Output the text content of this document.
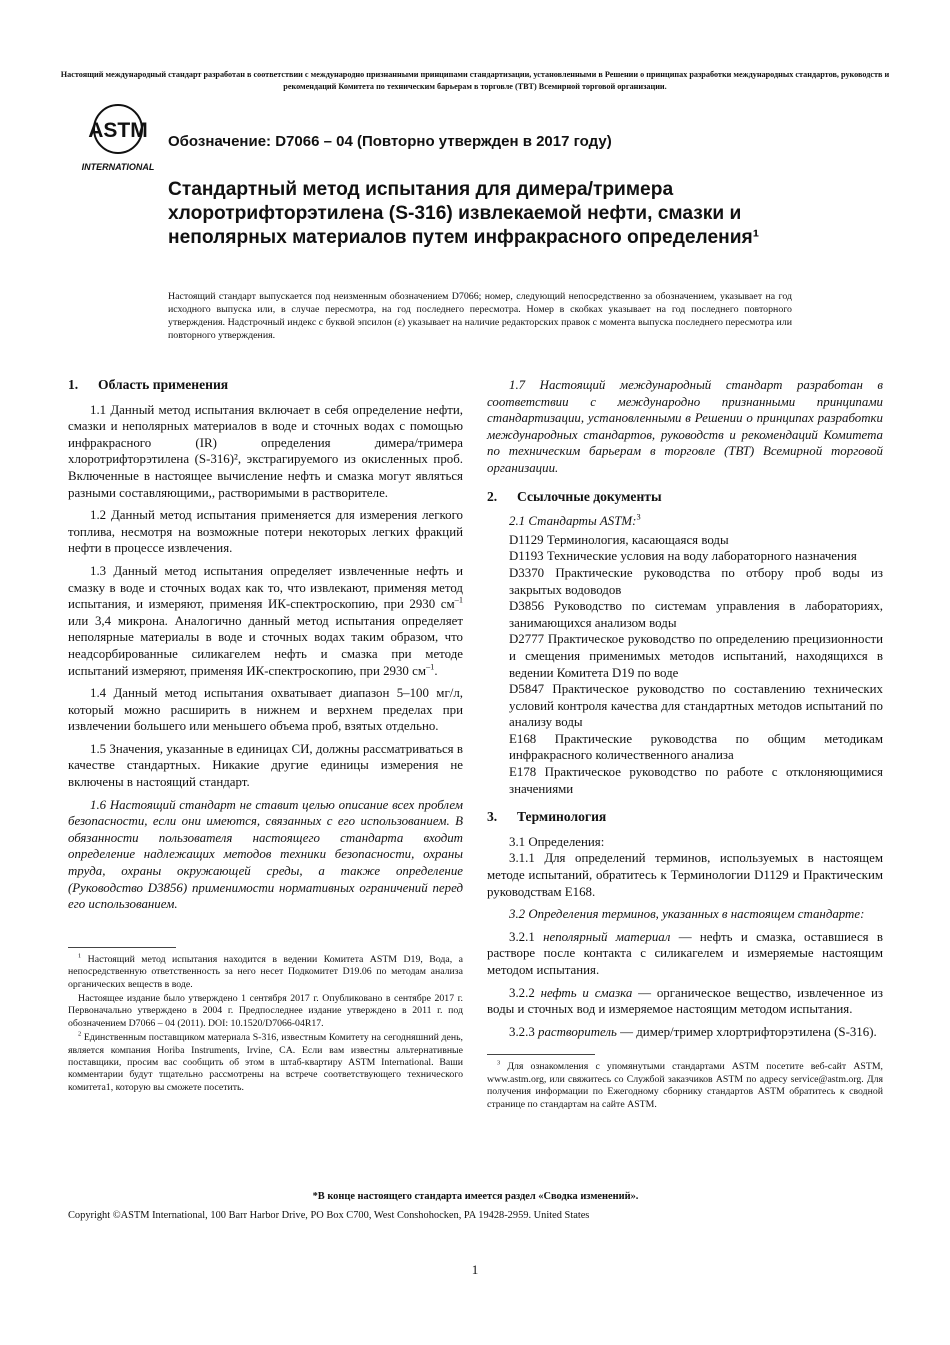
Настоящий международный стандарт разработан в соответствии с международно признанными принципами стандартизации, установленными в Решении о принципах разработки международных стандартов, руководств и рекомендаций Комитета по техническим барьерам в торговле (ТВТ) Всемирной торговой организации.
ASTM
INTERNATIONAL
Обозначение: D7066 – 04 (Повторно утвержден в 2017 году)
Стандартный метод испытания для димера/тримера хлоротрифторэтилена (S-316) извлекаемой нефти, смазки и неполярных материалов путем инфракрасного определения¹
Настоящий стандарт выпускается под неизменным обозначением D7066; номер, следующий непосредственно за обозначением, указывает на год исходного выпуска или, в случае пересмотра, на год последнего пересмотра. Номер в скобках указывает на год последнего повторного утверждения. Надстрочный индекс с буквой эпсилон (ε) указывает на наличие редакторских правок с момента выпуска последнего пересмотра или повторного утверждения.
1. Область применения

1.1 Данный метод испытания включает в себя определение нефти, смазки и неполярных материалов в воде и сточных водах с помощью инфракрасного (IR) определения димера/тримера хлоротрифторэтилена (S-316)², экстрагируемого из окисленных проб. Включенные в настоящее вычисление нефть и смазка могут являться разными составляющими,, растворимыми в растворителе.

1.2 Данный метод испытания применяется для измерения легкого топлива, несмотря на возможные потери некоторых легких фракций нефти в процессе извлечения.

1.3 Данный метод испытания определяет извлеченные нефть и смазку в воде и сточных водах как то, что извлекают, применяя метод испытания, и измеряют, применяя ИК-спектроскопию, при 2930 $см^{-1}$ или 3,4 микрона. Аналогично данный метод испытания определяет неполярные материалы в воде и сточных водах таким образом, что неадсорбированные силикагелем нефть и смазка при методе испытаний измеряют, применяя ИК-спектроскопию, при 2930 $см^{-1}$.

1.4 Данный метод испытания охватывает диапазон 5–100 мг/л, который можно расширить в нижнем и верхнем пределах при извлечении большего или меньшего объема проб, взятых отдельно.

1.5 Значения, указанные в единицах СИ, должны рассматриваться в качестве стандартных. Никакие другие единицы измерения не включены в настоящий стандарт.

1.6 Настоящий стандарт не ставит целью описание всех проблем безопасности, если они имеются, связанных с его использованием. В обязанности пользователя настоящего стандарта входит определение надлежащих методов техники безопасности, охраны труда, охраны окружающей среды, а также определение (Руководство D3856) применимости нормативных ограничений перед его использованием.

$^1$ Настоящий метод испытания находится в ведении Комитета ASTM D19, Вода, а непосредственную ответственность за него несет Подкомитет D19.06 по методам анализа органических веществ в воде.

Настоящее издание было утверждено 1 сентября 2017 г. Опубликовано в сентябре 2017 г. Первоначально утверждено в 2004 г. Предпоследнее издание утверждено в 2011 г. под обозначением D7066 – 04 (2011). DOI: 10.1520/D7066-04R17.

$^2$ Единственным поставщиком материала S-316, известным Комитету на сегодняшний день, является компания Horiba Instruments, Irvine, CA. Если вам известны альтернативные поставщики, просим вас сообщить об этом в штаб-квартиру ASTM International. Ваши комментарии будут тщательно рассмотрены на встрече соответствующего технического комитета1, которую вы сможете посетить.

1.7 Настоящий международный стандарт разработан в соответствии с международно признанными принципами стандартизации, установленными в Решении о принципах разработки международных стандартов, руководств и рекомендаций Комитета по техническим барьерам в торговле (ТВТ) Всемирной торговой организации.

2. Ссылочные документы

2.1 Стандарты ASTM:$^3$

D1129 Терминология, касающаяся воды
D1193 Технические условия на воду лабораторного назначения
D3370 Практические руководства по отбору проб воды из закрытых водоводов
D3856 Руководство по системам управления в лабораториях, занимающихся анализом воды
D2777 Практическое руководство по определению прецизионности и смещения применимых методов испытаний, находящихся в ведении Комитета D19 по воде
D5847 Практическое руководство по составлению технических условий контроля качества для стандартных методов испытаний по анализу воды
E168 Практические руководства по общим методикам инфракрасного количественного анализа
E178 Практическое руководство по работе с отклоняющимися значениями
3. Терминология

3.1 Определения:

3.1.1 Для определений терминов, используемых в настоящем методе испытаний, обратитесь к Терминологии D1129 и Практическим руководствам E168.

3.2 Определения терминов, указанных в настоящем стандарте:

3.2.1 неполярный материал — нефть и смазка, оставшиеся в растворе после контакта с силикагелем и измеряемые настоящим методом испытания.

3.2.2 нефть и смазка — органическое вещество, извлеченное из воды и сточных вод и измеряемое настоящим методом испытания.

3.2.3 растворитель — димер/тример хлортрифторэтилена (S-316).

$^3$ Для ознакомления с упомянутыми стандартами ASTM посетите веб-сайт ASTM, www.astm.org, или свяжитесь со Службой заказчиков ASTM по адресу service@astm.org. Для получения информации по Ежегодному сборнику стандартов ASTM обратитесь к сводной странице по стандартам на сайте ASTM.

*В конце настоящего стандарта имеется раздел «Сводка изменений».
Copyright ©ASTM International, 100 Barr Harbor Drive, PO Box C700, West Conshohocken, PA 19428-2959. United States
1
